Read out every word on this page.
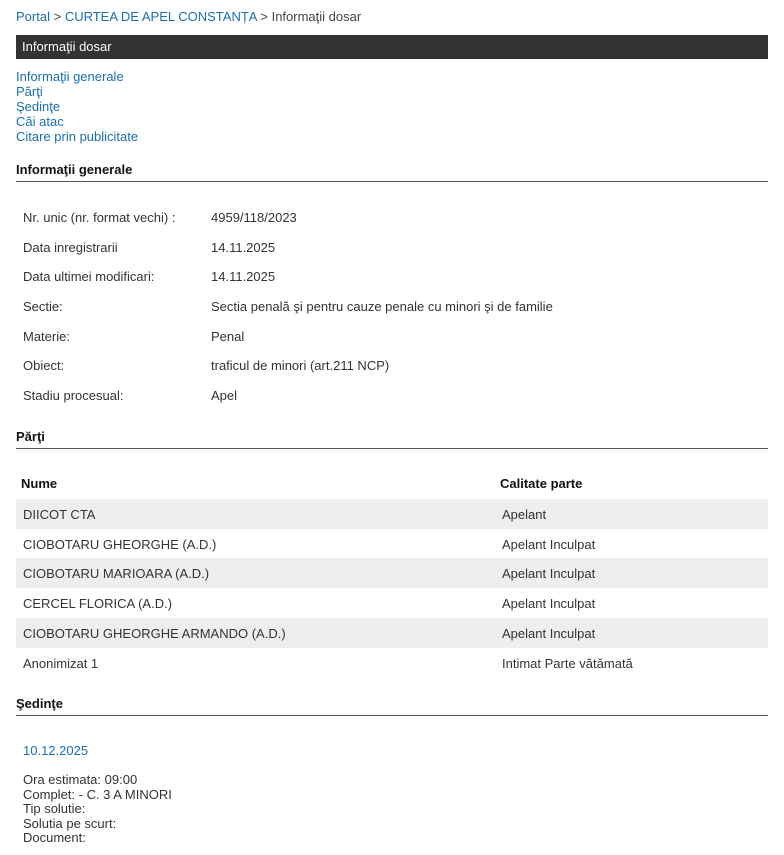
Portal > CURTEA DE APEL CONSTANȚA > Informaţii dosar
Informaţii dosar
Informaţii generale
Părţi
Şedinţe
Căi atac
Citare prin publicitate
Informaţii generale
Nr. unic (nr. format vechi) :	4959/118/2023
Data inregistrarii	14.11.2025
Data ultimei modificari:	14.11.2025
Sectie:	Sectia penală şi pentru cauze penale cu minori şi de familie
Materie:	Penal
Obiect:	traficul de minori (art.211 NCP)
Stadiu procesual:	Apel
Părţi
Nume	Calitate parte
DIICOT CTA	Apelant
CIOBOTARU GHEORGHE (A.D.)	Apelant Inculpat
CIOBOTARU MARIOARA (A.D.)	Apelant Inculpat
CERCEL FLORICA (A.D.)	Apelant Inculpat
CIOBOTARU GHEORGHE ARMANDO (A.D.)	Apelant Inculpat
Anonimizat 1	Intimat Parte vătămată
Şedinţe
10.12.2025
Ora estimata: 09:00
Complet: - C. 3 A MINORI
Tip solutie:
Solutia pe scurt:
Document:
